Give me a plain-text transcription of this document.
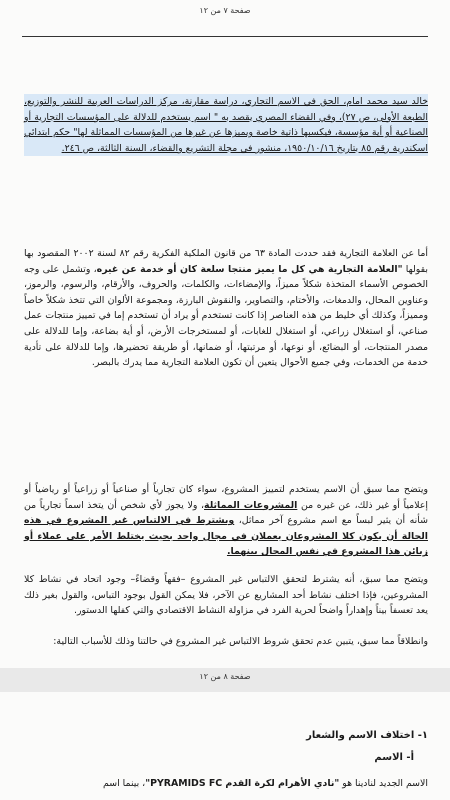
صفحة ٧ من ١٢

خالد سيد محمد امام، الحق في الاسم التجاري، دراسة مقارنة، مركز الدراسات العربية للنشر والتوزيع، الطبعة الأولى، ص ٢٧)، وفي القضاء المصري يقصد به " اسم يستخدم للدلالة على المؤسسات التجارية أو الصناعية أو أية مؤسسة، فيكسبها ذاتية خاصة ويميزها عن غيرها من المؤسسات المماثلة لها" حكم ابتدائي اسكندرية رقم ٨٥ بتاريخ ١٩٥٠/١٠/١٦، منشور في مجلة التشريع والقضاء، السنة الثالثة، ص ٢٤٦.

أما عن العلامة التجارية فقد حددت المادة ٦٣ من قانون الملكية الفكرية رقم ٨٢ لسنة ٢٠٠٢ المقصود بها بقولها "العلامة التجارية هي كل ما يميز منتجا سلعة كان أو خدمة عن غيره، وتشمل على وجه الخصوص الأسماء المتخذة شكلاً مميزاً، والإمضاءات، والكلمات، والحروف، والأرقام، والرسوم، والرموز، وعناوين المحال، والدمغات، والأختام، والتصاوير، والنقوش البارزة، ومجموعة الألوان التي تتخذ شكلاً خاصاً ومميزاً، وكذلك أي خليط من هذه العناصر إذا كانت تستخدم أو يراد أن تستخدم إما في تمييز منتجات عمل صناعي، أو استغلال زراعي، أو استغلال للغابات، أو لمستخرجات الأرض، أو أية بضاعة، وإما للدلالة على مصدر المنتجات، أو البضائع، أو نوعها، أو مرتبتها، أو ضمانها، أو طريقة تحضيرها، وإما للدلالة على تأدية خدمة من الخدمات، وفي جميع الأحوال يتعين أن تكون العلامة التجارية مما يدرك بالبصر.

ويتضح مما سبق أن الاسم يستخدم لتمييز المشروع، سواء كان تجارياً أو صناعياً أو زراعياً أو رياضياً أو إعلامياً أو غير ذلك، عن غيره من المشروعات المماثلة، ولا يجوز لأي شخص أن يتخذ اسماً تجارياً من شأنه أن يثير لبساً مع اسم مشروع آخر مماثل، ويشترط في الالتباس غير المشروع في هذه الحالة أن يكون كلا المشروعان يعملان في مجال واحد بحيث يختلط الأمر على عملاء أو زبائن هذا المشروع في نفس المجال بينهما.

ويتضح مما سبق، أنه يشترط لتحقق الالتباس غير المشروع –فقهاً وقضاءً– وجود اتحاد في نشاط كلا المشروعين، فإذا اختلف نشاط أحد المشاريع عن الآخر، فلا يمكن القول بوجود التباس، والقول بغير ذلك يعد تعسفاً بيناً وإهداراً واضحاً لحرية الفرد في مزاولة النشاط الاقتصادي والتي كفلها الدستور.

وانطلاقاً مما سبق، يتبين عدم تحقق شروط الالتباس غير المشروع في حالتنا وذلك للأسباب التالية:

صفحة ٨ من ١٢
١- اختلاف الاسم والشعار
أ- الاسم

الاسم الجديد لنادينا هو "نادي الأهرام لكرة القدم PYRAMIDS FC"، بينما اسم
